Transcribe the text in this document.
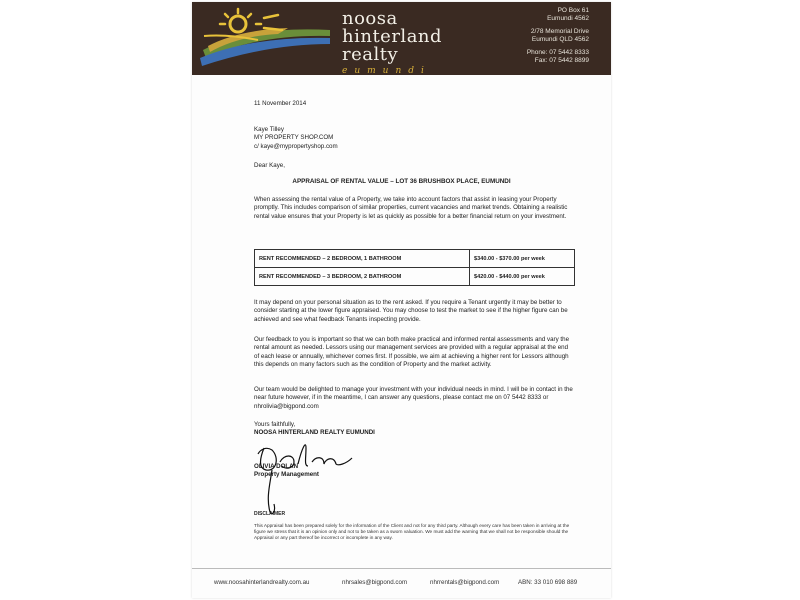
noosa
hinterland
realty
eumundi
PO Box 61
Eumundi 4562
2/78 Memorial Drive
Eumundi QLD 4562
Phone: 07 5442 8333
Fax: 07 5442 8899
11 November 2014
Kaye Tilley
MY PROPERTY SHOP.COM
c/ kaye@mypropertyshop.com
Dear Kaye,
APPRAISAL OF RENTAL VALUE – LOT 36 BRUSHBOX PLACE, EUMUNDI
When assessing the rental value of a Property, we take into account factors that assist in leasing your Property promptly. This includes comparison of similar properties, current vacancies and market trends. Obtaining a realistic rental value ensures that your Property is let as quickly as possible for a better financial return on your investment.
RENT RECOMMENDED – 2 BEDROOM, 1 BATHROOM	$340.00 - $370.00 per week
RENT RECOMMENDED – 3 BEDROOM, 2 BATHROOM	$420.00 - $440.00 per week
It may depend on your personal situation as to the rent asked. If you require a Tenant urgently it may be better to consider starting at the lower figure appraised. You may choose to test the market to see if the higher figure can be achieved and see what feedback Tenants inspecting provide.
Our feedback to you is important so that we can both make practical and informed rental assessments and vary the rental amount as needed. Lessors using our management services are provided with a regular appraisal at the end of each lease or annually, whichever comes first. If possible, we aim at achieving a higher rent for Lessors although this depends on many factors such as the condition of Property and the market activity.
Our team would be delighted to manage your investment with your individual needs in mind. I will be in contact in the near future however, if in the meantime, I can answer any questions, please contact me on 07 5442 8333 or nhrolivia@bigpond.com
Yours faithfully,
NOOSA HINTERLAND REALTY EUMUNDI
OLIVIA DOLAN
Property Management
DISCLAIMER
This Appraisal has been prepared solely for the information of the Client and not for any third party. Although every care has been taken in arriving at the figure we stress that it is an opinion only and not to be taken as a sworn valuation. We must add the warning that we shall not be responsible should the Appraisal or any part thereof be incorrect or incomplete in any way.
www.noosahinterlandrealty.com.au	nhrsales@bigpond.com	nhrrentals@bigpond.com	ABN: 33 010 698 889
